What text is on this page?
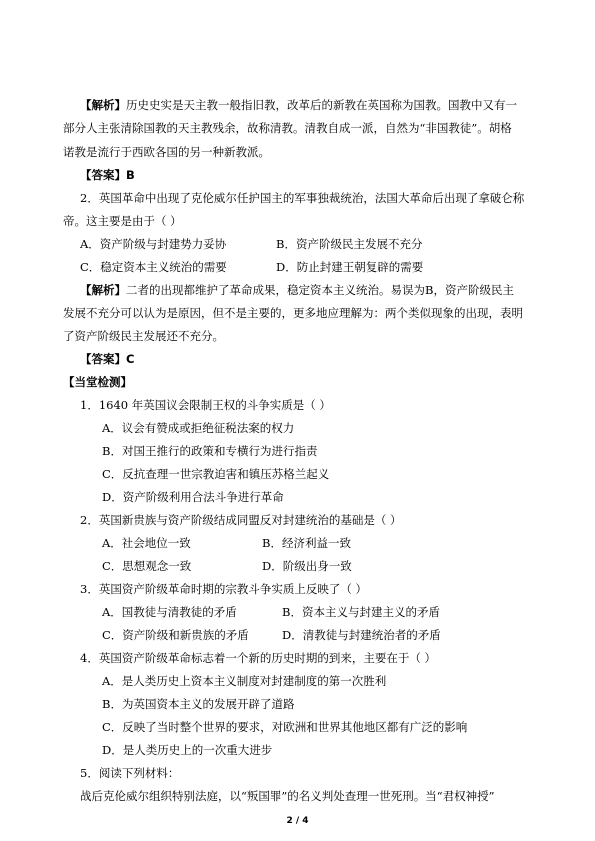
【解析】历史史实是天主教一般指旧教，改革后的新教在英国称为国教。国教中又有一
部分人主张清除国教的天主教残余，故称清教。清教自成一派，自然为“非国教徒”。胡格
诺教是流行于西欧各国的另一种新教派。
【答案】B
2．英国革命中出现了克伦威尔任护国主的军事独裁统治，法国大革命后出现了拿破仑称
帝。这主要是由于（ ）
A．资产阶级与封建势力妥协	B．资产阶级民主发展不充分
C．稳定资本主义统治的需要	D．防止封建王朝复辟的需要
【解析】二者的出现都维护了革命成果，稳定资本主义统治。易误为B，资产阶级民主
发展不充分可以认为是原因，但不是主要的，更多地应理解为：两个类似现象的出现，表明
了资产阶级民主发展还不充分。
【答案】C
【当堂检测】
1．1640 年英国议会限制王权的斗争实质是（ ）
A．议会有赞成或拒绝征税法案的权力
B．对国王推行的政策和专横行为进行指责
C．反抗查理一世宗教迫害和镇压苏格兰起义
D．资产阶级利用合法斗争进行革命
2．英国新贵族与资产阶级结成同盟反对封建统治的基础是（ ）
A．社会地位一致	B．经济利益一致
C．思想观念一致	D．阶级出身一致
3．英国资产阶级革命时期的宗教斗争实质上反映了（ ）
A．国教徒与清教徒的矛盾	B．资本主义与封建主义的矛盾
C．资产阶级和新贵族的矛盾	D．清教徒与封建统治者的矛盾
4．英国资产阶级革命标志着一个新的历史时期的到来，主要在于（ ）
A．是人类历史上资本主义制度对封建制度的第一次胜利
B．为英国资本主义的发展开辟了道路
C．反映了当时整个世界的要求，对欧洲和世界其他地区都有广泛的影响
D．是人类历史上的一次重大进步
5．阅读下列材料：
战后克伦威尔组织特别法庭，以“叛国罪”的名义判处查理一世死刑。当“君权神授”
2 / 4
